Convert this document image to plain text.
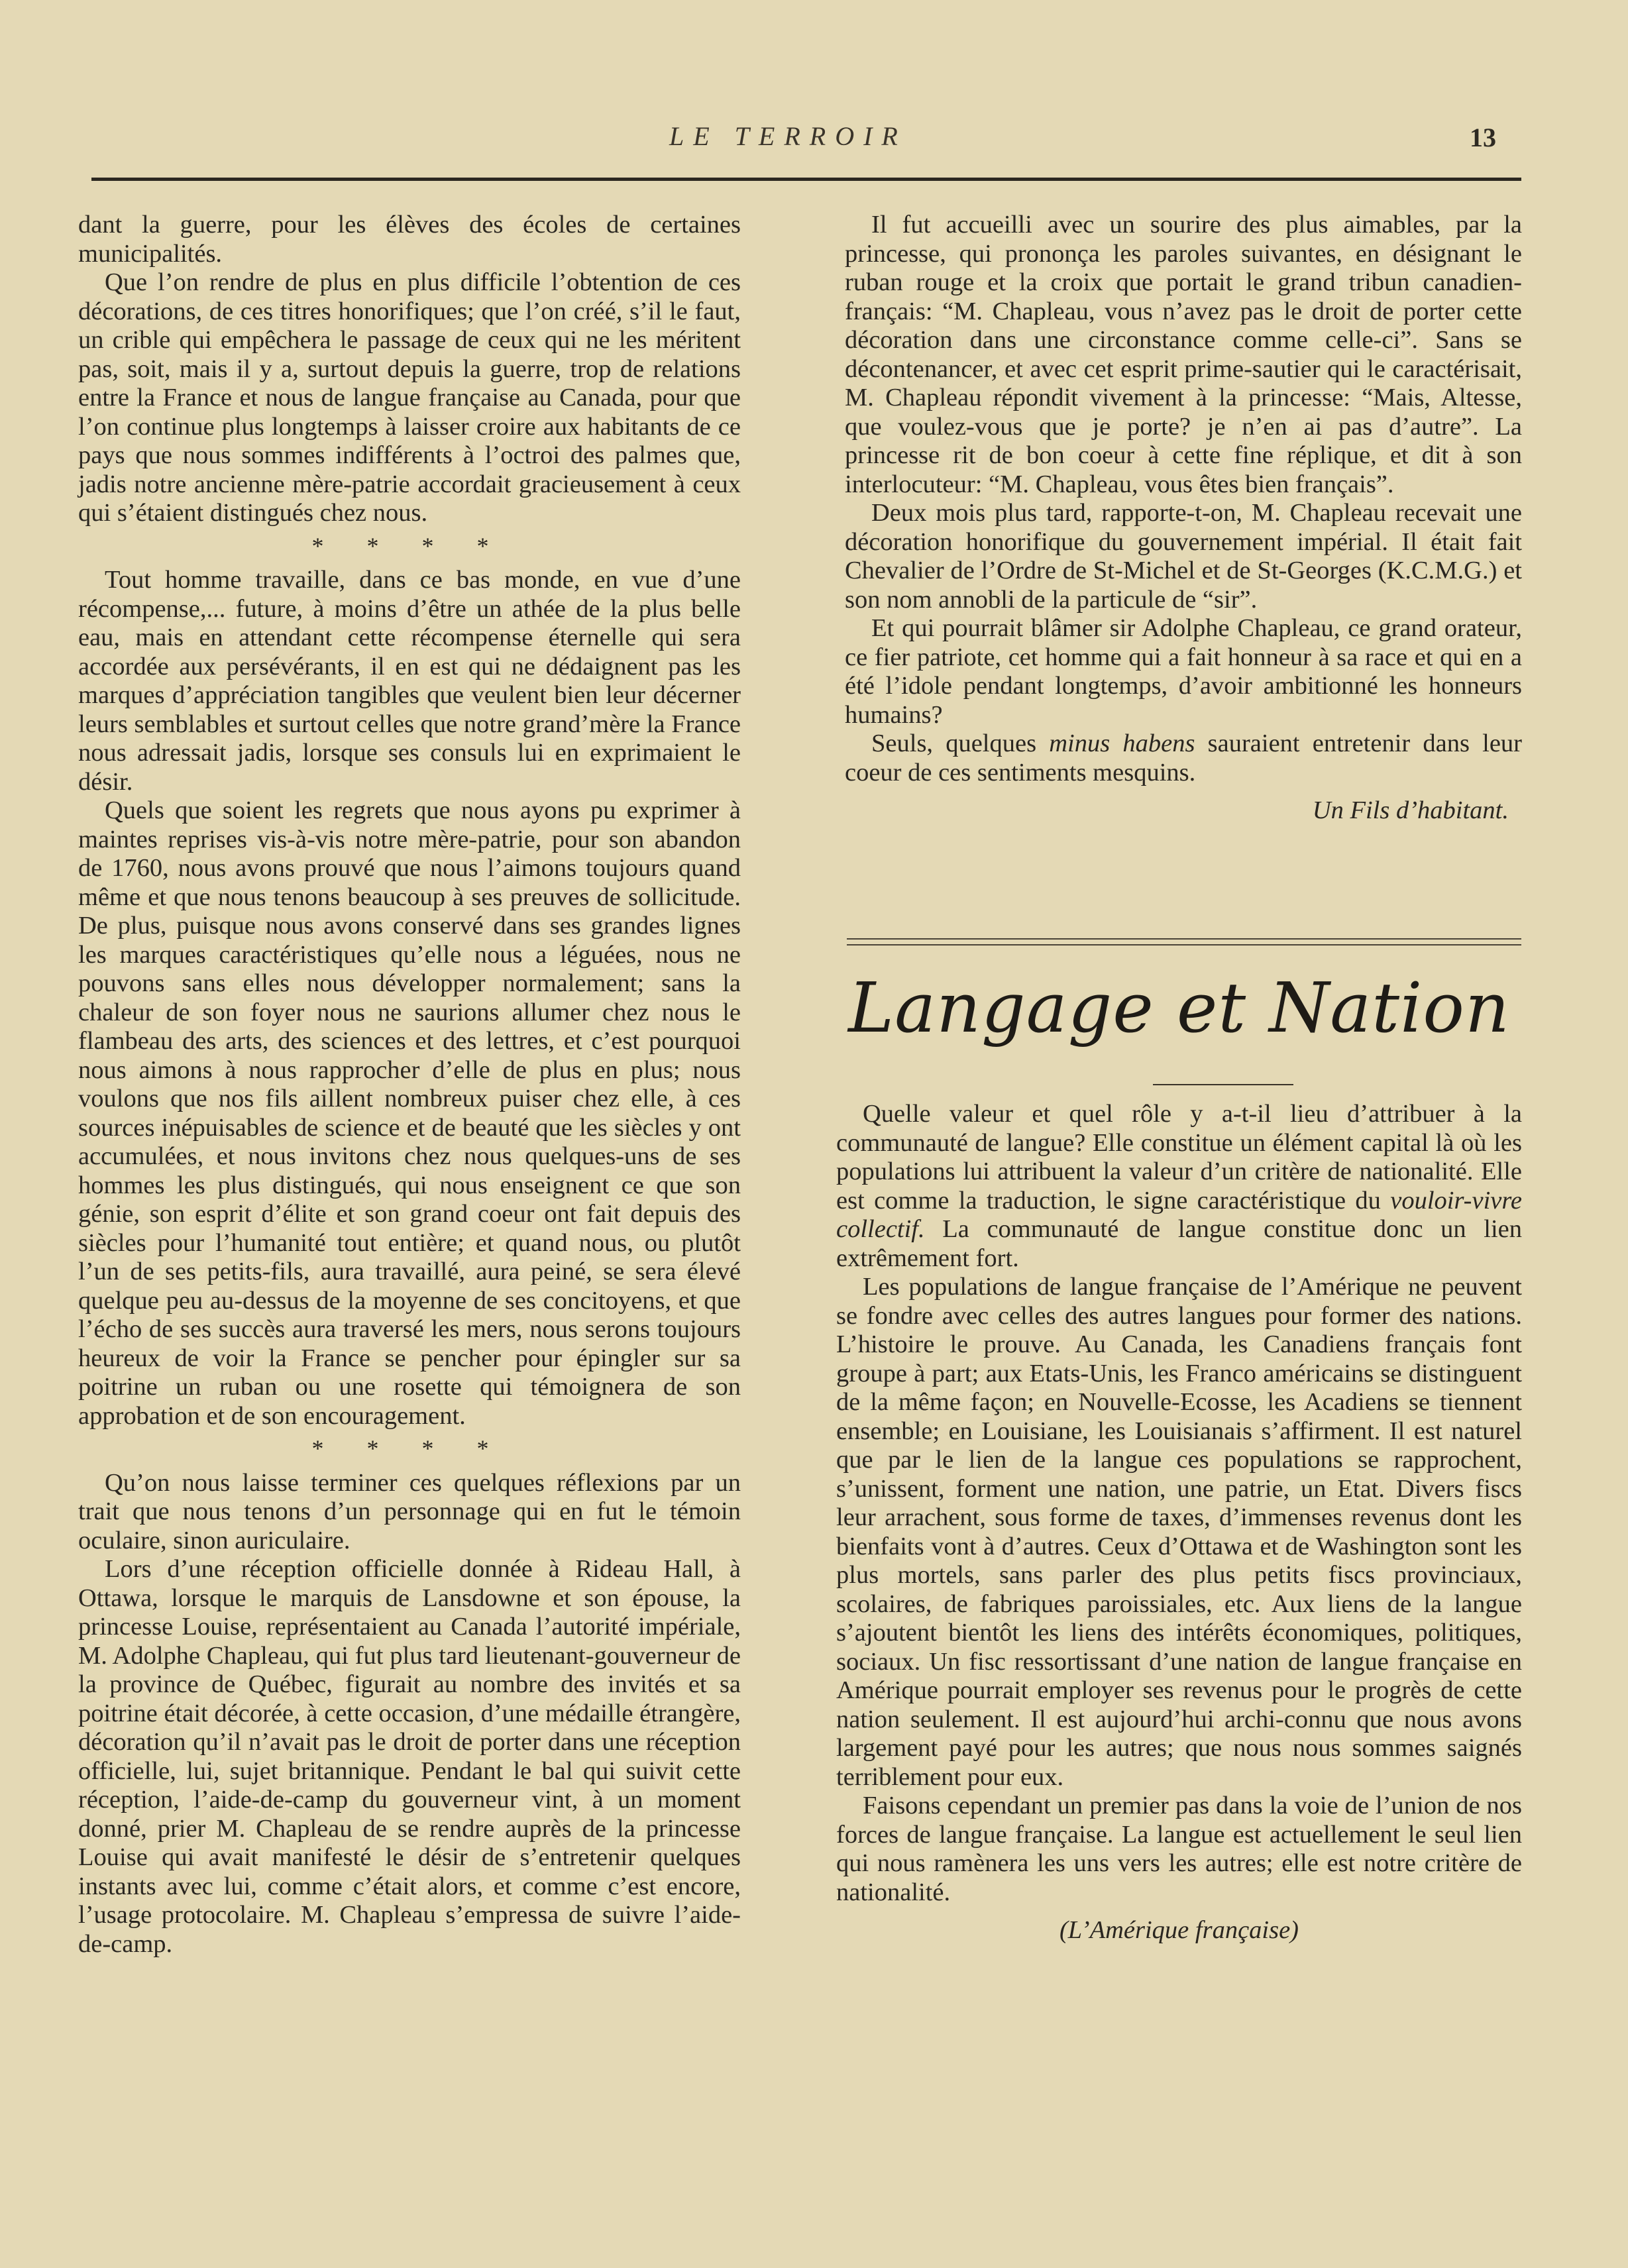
LE TERROIR	13

dant la guerre, pour les élèves des écoles de certaines municipalités.

Que l’on rendre de plus en plus difficile l’obtention de ces décorations, de ces titres honorifiques; que l’on créé, s’il le faut, un crible qui empêchera le passage de ceux qui ne les méritent pas, soit, mais il y a, surtout depuis la guerre, trop de relations entre la France et nous de langue française au Canada, pour que l’on continue plus longtemps à laisser croire aux habitants de ce pays que nous sommes indifférents à l’octroi des palmes que, jadis notre ancienne mère-patrie accordait gracieusement à ceux qui s’étaient distingués chez nous.

* * * *

Tout homme travaille, dans ce bas monde, en vue d’une récompense,... future, à moins d’être un athée de la plus belle eau, mais en attendant cette récompense éternelle qui sera accordée aux persévérants, il en est qui ne dédaignent pas les marques d’appréciation tangibles que veulent bien leur décerner leurs semblables et surtout celles que notre grand’mère la France nous adressait jadis, lorsque ses consuls lui en exprimaient le désir.

Quels que soient les regrets que nous ayons pu exprimer à maintes reprises vis-à-vis notre mère-patrie, pour son abandon de 1760, nous avons prouvé que nous l’aimons toujours quand même et que nous tenons beaucoup à ses preuves de sollicitude. De plus, puisque nous avons conservé dans ses grandes lignes les marques caractéristiques qu’elle nous a léguées, nous ne pouvons sans elles nous développer normalement; sans la chaleur de son foyer nous ne saurions allumer chez nous le flambeau des arts, des sciences et des lettres, et c’est pourquoi nous aimons à nous rapprocher d’elle de plus en plus; nous voulons que nos fils aillent nombreux puiser chez elle, à ces sources inépuisables de science et de beauté que les siècles y ont accumulées, et nous invitons chez nous quelques-uns de ses hommes les plus distingués, qui nous enseignent ce que son génie, son esprit d’élite et son grand coeur ont fait depuis des siècles pour l’humanité tout entière; et quand nous, ou plutôt l’un de ses petits-fils, aura travaillé, aura peiné, se sera élevé quelque peu au-dessus de la moyenne de ses concitoyens, et que l’écho de ses succès aura traversé les mers, nous serons toujours heureux de voir la France se pencher pour épingler sur sa poitrine un ruban ou une rosette qui témoignera de son approbation et de son encouragement.

* * * *

Qu’on nous laisse terminer ces quelques réflexions par un trait que nous tenons d’un personnage qui en fut le témoin oculaire, sinon auriculaire.

Lors d’une réception officielle donnée à Rideau Hall, à Ottawa, lorsque le marquis de Lansdowne et son épouse, la princesse Louise, représentaient au Canada l’autorité impériale, M. Adolphe Chapleau, qui fut plus tard lieutenant-gouverneur de la province de Québec, figurait au nombre des invités et sa poitrine était décorée, à cette occasion, d’une médaille étrangère, décoration qu’il n’avait pas le droit de porter dans une réception officielle, lui, sujet britannique. Pendant le bal qui suivit cette réception, l’aide-de-camp du gouverneur vint, à un moment donné, prier M. Chapleau de se rendre auprès de la princesse Louise qui avait manifesté le désir de s’entretenir quelques instants avec lui, comme c’était alors, et comme c’est encore, l’usage protocolaire. M. Chapleau s’empressa de suivre l’aide-de-camp.

Il fut accueilli avec un sourire des plus aimables, par la princesse, qui prononça les paroles suivantes, en désignant le ruban rouge et la croix que portait le grand tribun canadien-français: “M. Chapleau, vous n’avez pas le droit de porter cette décoration dans une circonstance comme celle-ci”. Sans se décontenancer, et avec cet esprit prime-sautier qui le caractérisait, M. Chapleau répondit vivement à la princesse: “Mais, Altesse, que voulez-vous que je porte? je n’en ai pas d’autre”. La princesse rit de bon coeur à cette fine réplique, et dit à son interlocuteur: “M. Chapleau, vous êtes bien français”.

Deux mois plus tard, rapporte-t-on, M. Chapleau recevait une décoration honorifique du gouvernement impérial. Il était fait Chevalier de l’Ordre de St-Michel et de St-Georges (K.C.M.G.) et son nom annobli de la particule de “sir”.

Et qui pourrait blâmer sir Adolphe Chapleau, ce grand orateur, ce fier patriote, cet homme qui a fait honneur à sa race et qui en a été l’idole pendant longtemps, d’avoir ambitionné les honneurs humains?

Seuls, quelques minus habens sauraient entretenir dans leur coeur de ces sentiments mesquins.

Un Fils d’habitant.
Langage et Nation

Quelle valeur et quel rôle y a-t-il lieu d’attribuer à la communauté de langue? Elle constitue un élément capital là où les populations lui attribuent la valeur d’un critère de nationalité. Elle est comme la traduction, le signe caractéristique du vouloir-vivre collectif. La communauté de langue constitue donc un lien extrêmement fort.

Les populations de langue française de l’Amérique ne peuvent se fondre avec celles des autres langues pour former des nations. L’histoire le prouve. Au Canada, les Canadiens français font groupe à part; aux Etats-Unis, les Franco américains se distinguent de la même façon; en Nouvelle-Ecosse, les Acadiens se tiennent ensemble; en Louisiane, les Louisianais s’affirment. Il est naturel que par le lien de la langue ces populations se rapprochent, s’unissent, forment une nation, une patrie, un Etat. Divers fiscs leur arrachent, sous forme de taxes, d’immenses revenus dont les bienfaits vont à d’autres. Ceux d’Ottawa et de Washington sont les plus mortels, sans parler des plus petits fiscs provinciaux, scolaires, de fabriques paroissiales, etc. Aux liens de la langue s’ajoutent bientôt les liens des intérêts économiques, politiques, sociaux. Un fisc ressortissant d’une nation de langue française en Amérique pourrait employer ses revenus pour le progrès de cette nation seulement. Il est aujourd’hui archi-connu que nous avons largement payé pour les autres; que nous nous sommes saignés terriblement pour eux.

Faisons cependant un premier pas dans la voie de l’union de nos forces de langue française. La langue est actuellement le seul lien qui nous ramènera les uns vers les autres; elle est notre critère de nationalité.

(L’Amérique française)
